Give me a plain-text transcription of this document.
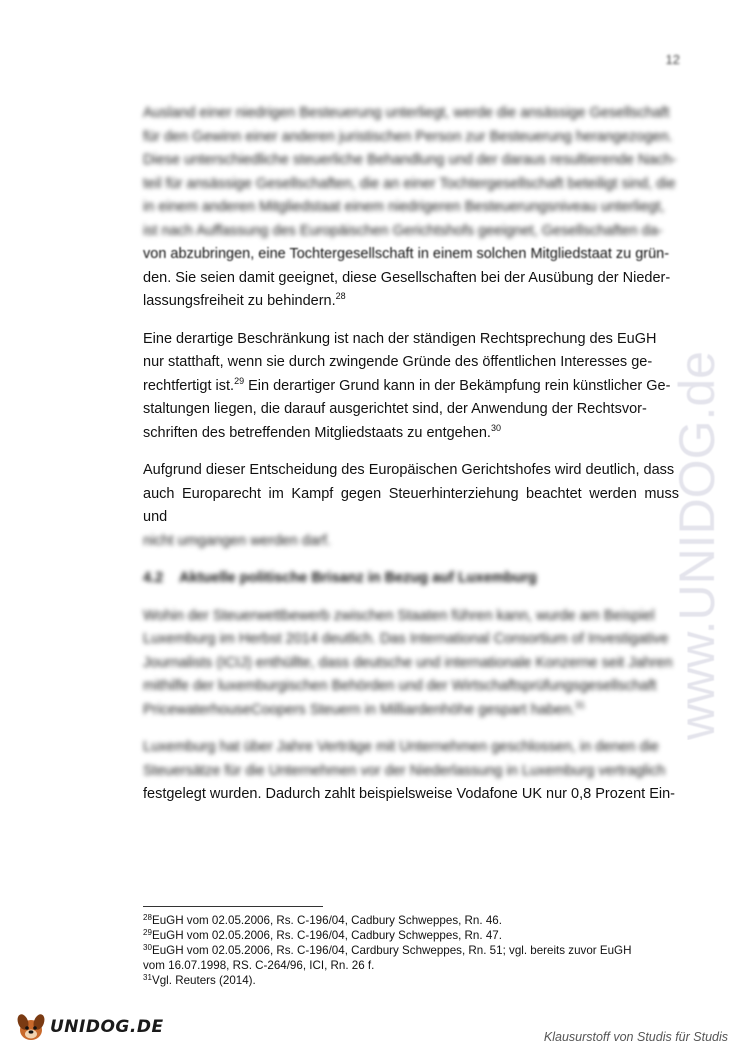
12
www.UNIDOG.de

Ausland einer niedrigen Besteuerung unterliegt, werde die ansässige Gesellschaft
für den Gewinn einer anderen juristischen Person zur Besteuerung herangezogen.
Diese unterschiedliche steuerliche Behandlung und der daraus resultierende Nach-
teil für ansässige Gesellschaften, die an einer Tochtergesellschaft beteiligt sind, die
in einem anderen Mitgliedstaat einem niedrigeren Besteuerungsniveau unterliegt,
ist nach Auffassung des Europäischen Gerichtshofs geeignet, Gesellschaften da-
von abzubringen, eine Tochtergesellschaft in einem solchen Mitgliedstaat zu grün-
den. Sie seien damit geeignet, diese Gesellschaften bei der Ausübung der Nieder-
lassungsfreiheit zu behindern.$^{28}$

Eine derartige Beschränkung ist nach der ständigen Rechtsprechung des EuGH
nur statthaft, wenn sie durch zwingende Gründe des öffentlichen Interesses ge-
rechtfertigt ist.$^{29}$ Ein derartiger Grund kann in der Bekämpfung rein künstlicher Ge-
staltungen liegen, die darauf ausgerichtet sind, der Anwendung der Rechtsvor-
schriften des betreffenden Mitgliedstaats zu entgehen.$^{30}$

Aufgrund dieser Entscheidung des Europäischen Gerichtshofes wird deutlich, dass
auch Europarecht im Kampf gegen Steuerhinterziehung beachtet werden muss und
nicht umgangen werden darf.

4.2 Aktuelle politische Brisanz in Bezug auf Luxemburg

Wohin der Steuerwettbewerb zwischen Staaten führen kann, wurde am Beispiel
Luxemburg im Herbst 2014 deutlich. Das International Consortium of Investigative
Journalists (ICIJ) enthüllte, dass deutsche und internationale Konzerne seit Jahren
mithilfe der luxemburgischen Behörden und der Wirtschaftsprüfungsgesellschaft
PricewaterhouseCoopers Steuern in Milliardenhöhe gespart haben.$^{31}$

Luxemburg hat über Jahre Verträge mit Unternehmen geschlossen, in denen die
Steuersätze für die Unternehmen vor der Niederlassung in Luxemburg vertraglich
festgelegt wurden. Dadurch zahlt beispielsweise Vodafone UK nur 0,8 Prozent Ein-

28 EuGH vom 02.05.2006, Rs. C-196/04, Cadbury Schweppes, Rn. 46.
29 EuGH vom 02.05.2006, Rs. C-196/04, Cadbury Schweppes, Rn. 47.
30 EuGH vom 02.05.2006, Rs. C-196/04, Cardbury Schweppes, Rn. 51; vgl. bereits zuvor EuGH
vom 16.07.1998, RS. C-264/96, ICI, Rn. 26 f.
31 Vgl. Reuters (2014).
UNIDOG.DE	Klausurstoff von Studis für Studis
